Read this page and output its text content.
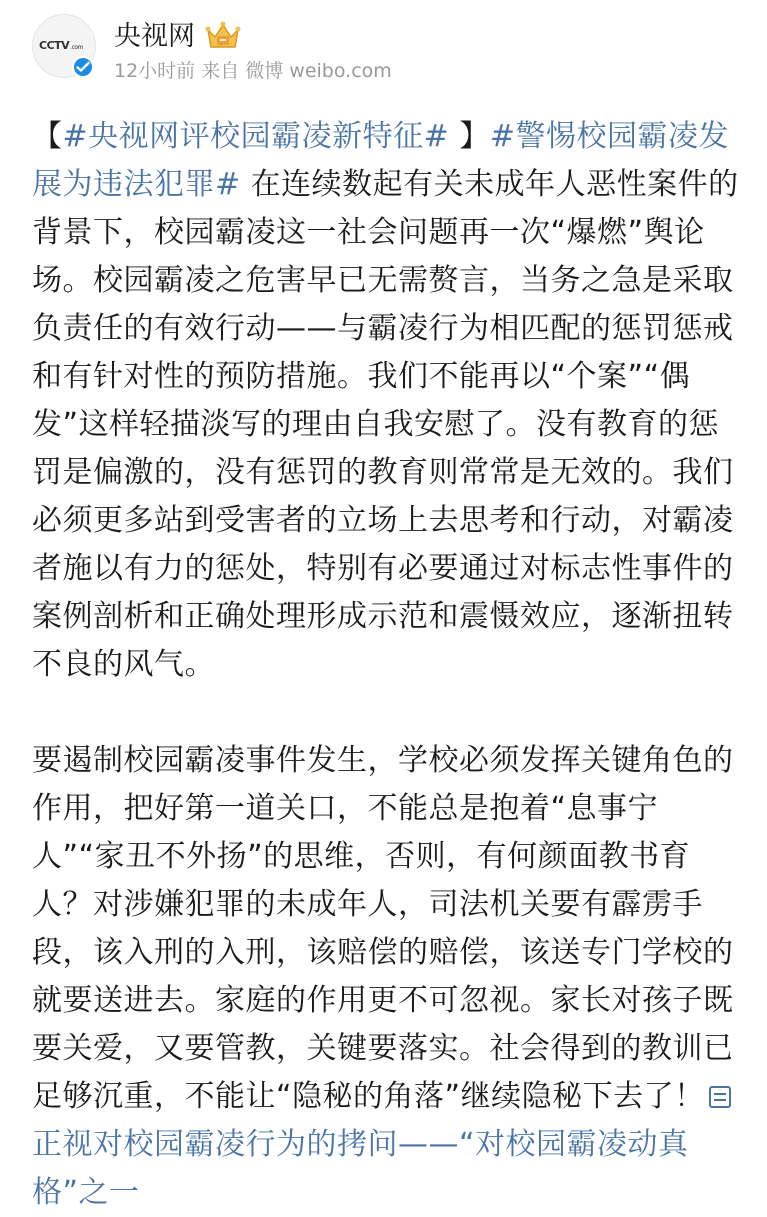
CCTV.com 央视网
12小时前 来自 微博 weibo.com

【#央视网评校园霸凌新特征# 】#警惕校园霸凌发展为违法犯罪# 在连续数起有关未成年人恶性案件的背景下，校园霸凌这一社会问题再一次“爆燃”舆论场。校园霸凌之危害早已无需赘言，当务之急是采取负责任的有效行动——与霸凌行为相匹配的惩罚惩戒和有针对性的预防措施。我们不能再以“个案”“偶发”这样轻描淡写的理由自我安慰了。没有教育的惩罚是偏激的，没有惩罚的教育则常常是无效的。我们必须更多站到受害者的立场上去思考和行动，对霸凌者施以有力的惩处，特别有必要通过对标志性事件的案例剖析和正确处理形成示范和震慑效应，逐渐扭转不良的风气。

要遏制校园霸凌事件发生，学校必须发挥关键角色的作用，把好第一道关口，不能总是抱着“息事宁人”“家丑不外扬”的思维，否则，有何颜面教书育人？对涉嫌犯罪的未成年人，司法机关要有霹雳手段，该入刑的入刑，该赔偿的赔偿，该送专门学校的就要送进去。家庭的作用更不可忽视。家长对孩子既要关爱，又要管教，关键要落实。社会得到的教训已足够沉重，不能让“隐秘的角落”继续隐秘下去了！正视对校园霸凌行为的拷问——“对校园霸凌动真格”之一
